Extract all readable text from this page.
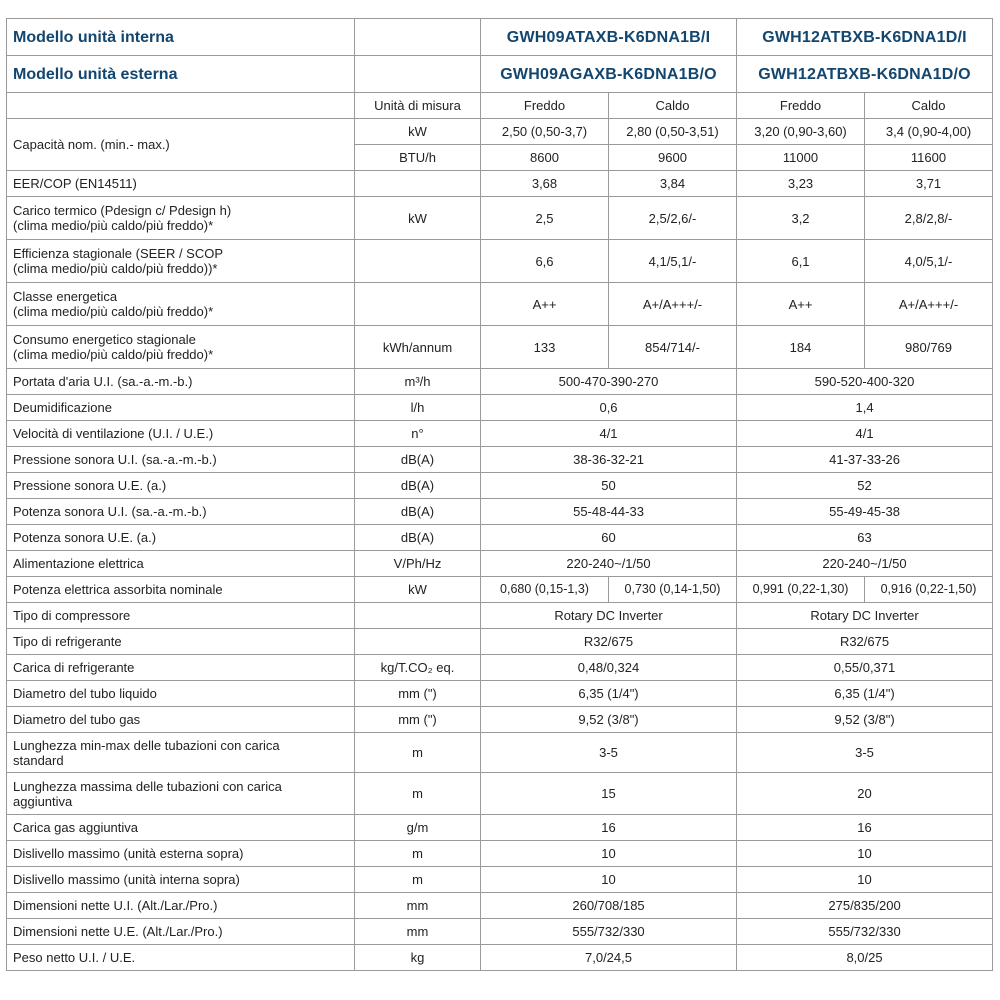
Modello unità interna		GWH09ATAXB-K6DNA1B/I		GWH12ATBXB-K6DNA1D/I	
Modello unità esterna		GWH09AGAXB-K6DNA1B/O		GWH12ATBXB-K6DNA1D/O	
	Unità di misura	Freddo	Caldo	Freddo	Caldo
Capacità nom. (min.- max.)	kW	2,50 (0,50-3,7)	2,80 (0,50-3,51)	3,20 (0,90-3,60)	3,4 (0,90-4,00)
	BTU/h	8600	9600	11000	11600
EER/COP (EN14511)		3,68	3,84	3,23	3,71

Carico termico (Pdesign c/ Pdesign h)
(clima medio/più caldo/più freddo)*	kW	2,5	2,5/2,6/-	3,2	2,8/2,8/-

Efficienza stagionale (SEER / SCOP
(clima medio/più caldo/più freddo))*		6,6	4,1/5,1/-	6,1	4,0/5,1/-

Classe energetica
(clima medio/più caldo/più freddo)*		A++	A+/A+++/-	A++	A+/A+++/-

Consumo energetico stagionale
(clima medio/più caldo/più freddo)*	kWh/annum	133	854/714/-	184	980/769
Portata d'aria U.I. (sa.-a.-m.-b.)	m³/h	500-470-390-270		590-520-400-320	
Deumidificazione	l/h	0,6		1,4	
Velocità di ventilazione (U.I. / U.E.)	n°	4/1		4/1	
Pressione sonora U.I. (sa.-a.-m.-b.)	dB(A)	38-36-32-21		41-37-33-26	
Pressione sonora U.E. (a.)	dB(A)	50		52	
Potenza sonora U.I. (sa.-a.-m.-b.)	dB(A)	55-48-44-33		55-49-45-38	
Potenza sonora U.E. (a.)	dB(A)	60		63	
Alimentazione elettrica	V/Ph/Hz	220-240~/1/50		220-240~/1/50	
Potenza elettrica assorbita nominale	kW	0,680 (0,15-1,3)	0,730 (0,14-1,50)	0,991 (0,22-1,30)	0,916 (0,22-1,50)
Tipo di compressore		Rotary DC Inverter		Rotary DC Inverter	
Tipo di refrigerante		R32/675		R32/675	
Carica di refrigerante	kg/T.CO₂ eq.	0,48/0,324		0,55/0,371	
Diametro del tubo liquido	mm (")	6,35 (1/4")		6,35 (1/4")	
Diametro del tubo gas	mm (")	9,52 (3/8")		9,52 (3/8")	

Lunghezza min-max delle tubazioni con carica
standard	m	3-5		3-5	

Lunghezza massima delle tubazioni con carica
aggiuntiva	m	15		20	
Carica gas aggiuntiva	g/m	16		16	
Dislivello massimo (unità esterna sopra)	m	10		10	
Dislivello massimo (unità interna sopra)	m	10		10	
Dimensioni nette U.I. (Alt./Lar./Pro.)	mm	260/708/185		275/835/200	
Dimensioni nette U.E. (Alt./Lar./Pro.)	mm	555/732/330		555/732/330	
Peso netto U.I. / U.E.	kg	7,0/24,5		8,0/25	
